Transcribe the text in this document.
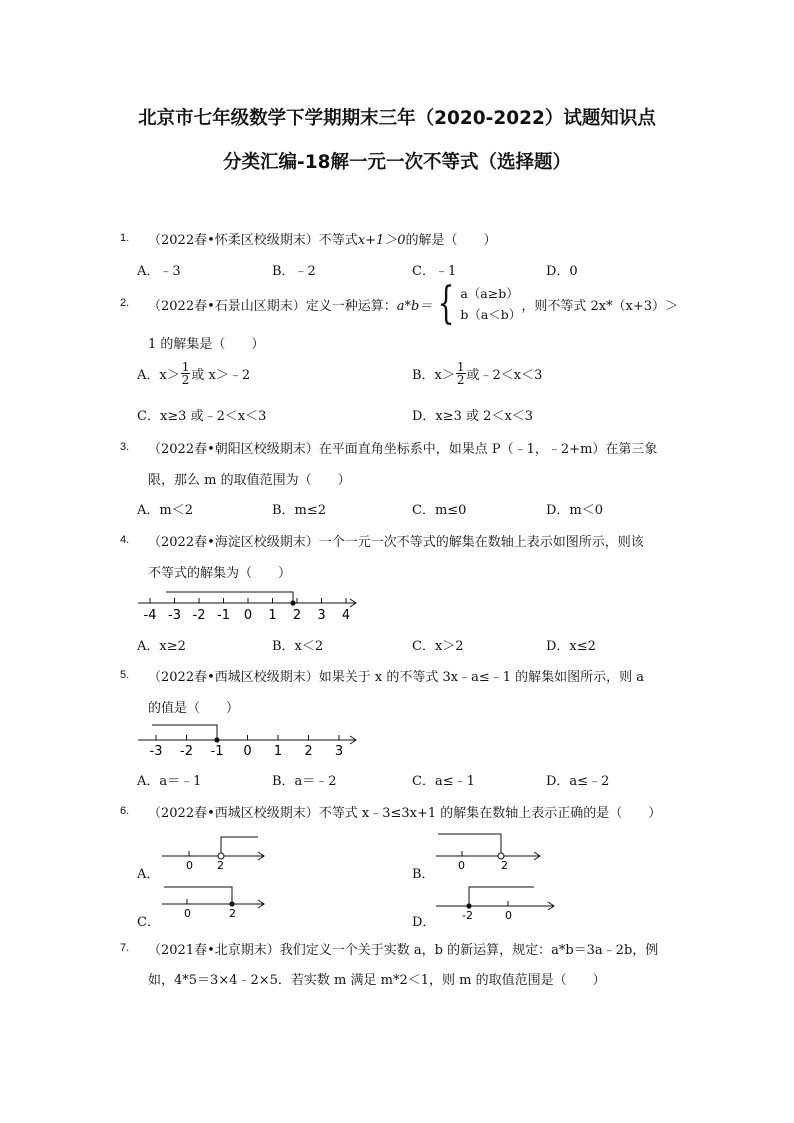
北京市七年级数学下学期期末三年（2020-2022）试题知识点
分类汇编-18解一元一次不等式（选择题）
1. （2022春•怀柔区校级期末）不等式x+1＞0的解是（　　）
A．﹣3	B．﹣2	C．﹣1	D．0
2. （2022春•石景山区期末）定义一种运算： a*b＝ { a（a≥b）
b（a＜b）
，则不等式 2x*（x+3）＞
1 的解集是（　　）
A．$x> \frac{1}{2}$ 或 x＞﹣2	B．$x> \frac{1}{2}$ 或﹣2＜x＜3
C．x≥3 或﹣2＜x＜3	D．x≥3 或 2＜x＜3
3. （2022春•朝阳区校级期末）在平面直角坐标系中，如果点 P（﹣1，﹣2+m）在第三象
限，那么 m 的取值范围为（　　）
A．m＜2	B．m≤2	C．m≤0	D．m＜0
4. （2022春•海淀区校级期末）一个一元一次不等式的解集在数轴上表示如图所示，则该
不等式的解集为（　　）
-4 -3 -2 -1 0 1 2 3 4
A．x≥2	B．x＜2	C．x＞2	D．x≤2
5. （2022春•西城区校级期末）如果关于 x 的不等式 3x﹣a≤﹣1 的解集如图所示，则 a
的值是（　　）
-3 -2 -1 0 1 2 3
A．a＝﹣1	B．a＝﹣2	C．a≤﹣1	D．a≤﹣2
6. （2022春•西城区校级期末）不等式 x﹣3≤3x+1 的解集在数轴上表示正确的是（　　）
A．
0 2
B．
0	2
C．
0	2
D． -2	0
7. （2021春•北京期末）我们定义一个关于实数 a，b 的新运算，规定：a*b＝3a﹣2b，例
如，4*5＝3×4﹣2×5．若实数 m 满足 m*2＜1，则 m 的取值范围是（　　）
